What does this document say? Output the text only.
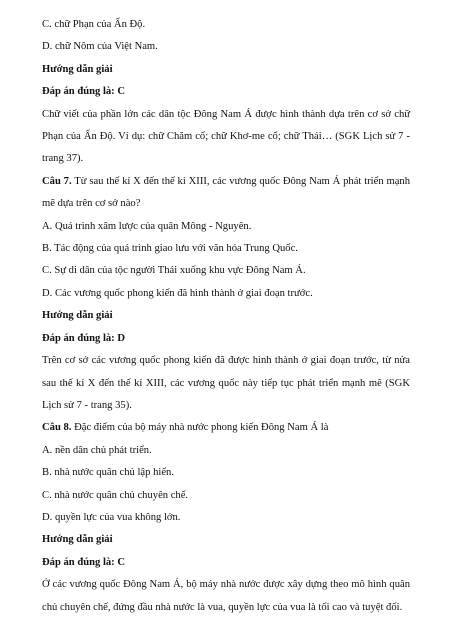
C. chữ Phạn của Ấn Độ.
D. chữ Nôm của Việt Nam.
Hướng dẫn giải
Đáp án đúng là: C
Chữ viết của phần lớn các dân tộc Đông Nam Á được hình thành dựa trên cơ sở chữ Phạn của Ấn Độ. Ví dụ: chữ Chăm cổ; chữ Khơ-me cổ; chữ Thái… (SGK Lịch sử 7 - trang 37).
Câu 7. Từ sau thế kỉ X đến thế kỉ XIII, các vương quốc Đông Nam Á phát triển mạnh mẽ dựa trên cơ sở nào?
A. Quá trình xâm lược của quân Mông - Nguyên.
B. Tác động của quá trình giao lưu với văn hóa Trung Quốc.
C. Sự di dân của tộc người Thái xuống khu vực Đông Nam Á.
D. Các vương quốc phong kiến đã hình thành ở giai đoạn trước.
Hướng dẫn giải
Đáp án đúng là: D
Trên cơ sở các vương quốc phong kiến đã được hình thành ở giai đoạn trước, từ nửa sau thế kỉ X đến thế kỉ XIII, các vương quốc này tiếp tục phát triển mạnh mẽ (SGK Lịch sử 7 - trang 35).
Câu 8. Đặc điểm của bộ máy nhà nước phong kiến Đông Nam Á là
A. nền dân chủ phát triển.
B. nhà nước quân chủ lập hiến.
C. nhà nước quân chủ chuyên chế.
D. quyền lực của vua không lớn.
Hướng dẫn giải
Đáp án đúng là: C
Ở các vương quốc Đông Nam Á, bộ máy nhà nước được xây dựng theo mô hình quân chủ chuyên chế, đứng đầu nhà nước là vua, quyền lực của vua là tối cao và tuyệt đối.
